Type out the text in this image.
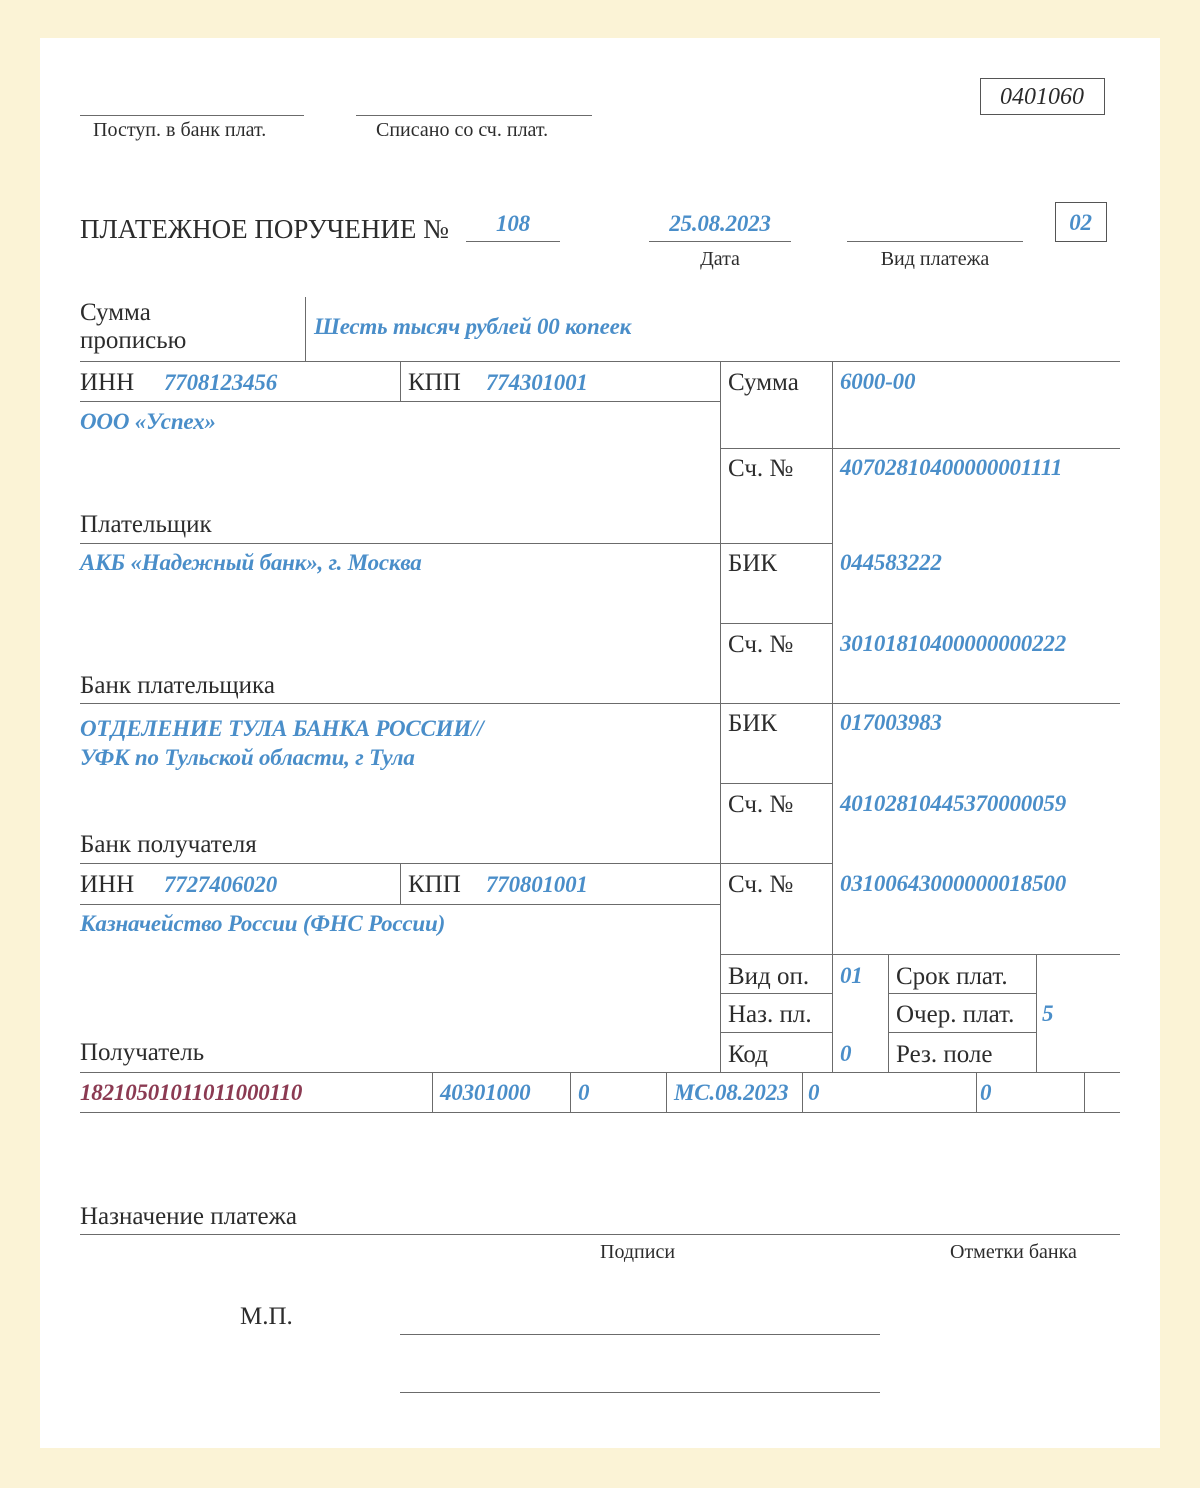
Поступ. в банк плат.	Списано со сч. плат.
0401060
ПЛАТЕЖНОЕ ПОРУЧЕНИЕ №	108	25.08.2023
Дата	Вид платежа
02
Сумма
прописью
Шесть тысяч рублей 00 копеек
ИНН 7708123456	КПП 774301001	Сумма 6000-00
ООО «Успех»
Плательщик
Сч. № 40702810400000001111
АКБ «Надежный банк», г. Москва
Банк плательщика
БИК	044583222
Сч. № 30101810400000000222
ОТДЕЛЕНИЕ ТУЛА БАНКА РОССИИ//
УФК по Тульской области, г Тула
Банк получателя
БИК	017003983
Сч. № 40102810445370000059
ИНН 7727406020	КПП 770801001	Сч. № 03100643000000018500
Казначейство России (ФНС России)
Получатель
Вид оп. 01 Срок плат.
Наз. пл.	Очер. плат. 5
Код	0 Рез. поле
18210501011011000110	40301000 0	МС.08.2023 0	0
Назначение платежа
Подписи	Отметки банка
М.П.
